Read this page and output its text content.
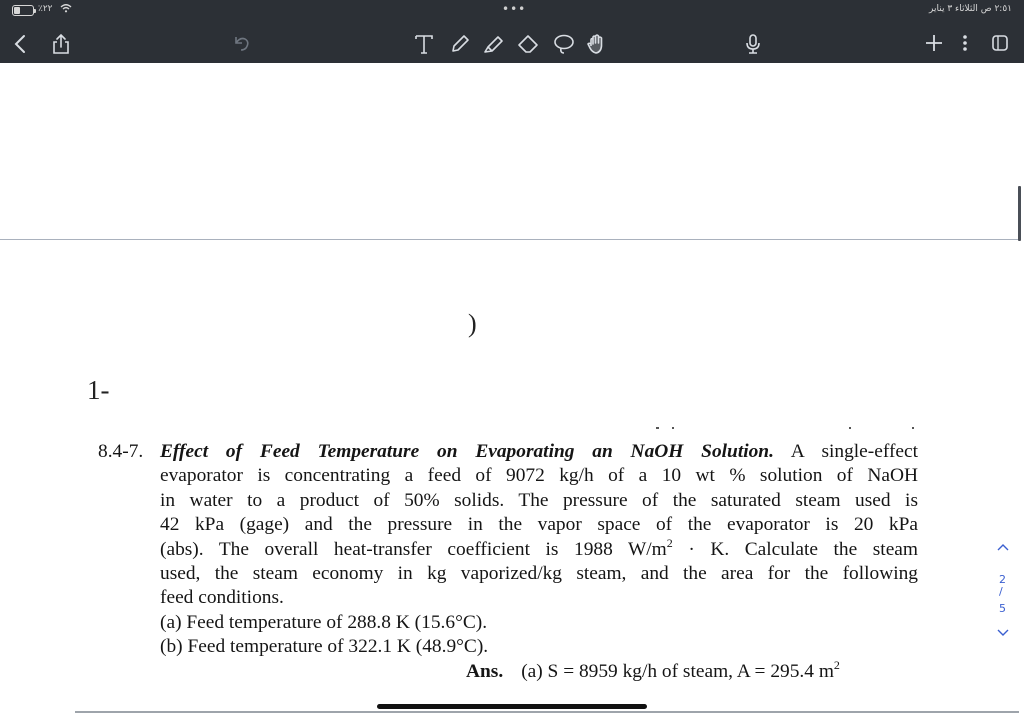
٪٢٢	•••	٢:٥١ ص الثلاثاء ٣ يناير
)
1-
8.4-7. Effect of Feed Temperature on Evaporating an NaOH Solution. A single-effect
evaporator is concentrating a feed of 9072 kg/h of a 10 wt % solution of NaOH
in water to a product of 50% solids. The pressure of the saturated steam used is
42 kPa (gage) and the pressure in the vapor space of the evaporator is 20 kPa
(abs). The overall heat-transfer coefficient is 1988 $W/m^2 \cdot K$. Calculate the steam
used, the steam economy in kg vaporized/kg steam, and the area for the following
feed conditions.
(a) Feed temperature of 288.8 K (15.6°C).
(b) Feed temperature of 322.1 K (48.9°C).
Ans. (a) S = 8959 kg/h of steam, A = 295.4 $m^2$
2
/
5
